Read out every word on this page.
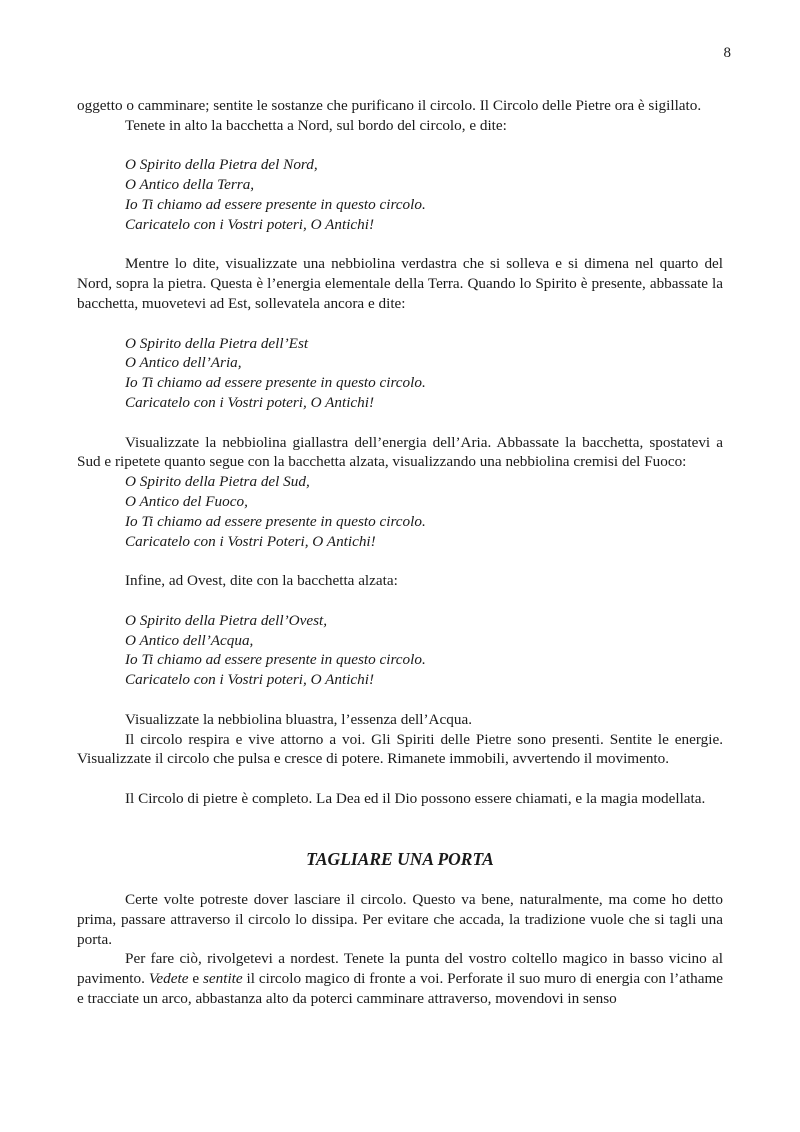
8

oggetto o camminare; sentite le sostanze che purificano il circolo. Il Circolo delle Pietre ora è sigillato.

Tenete in alto la bacchetta a Nord, sul bordo del circolo, e dite:

O Spirito della Pietra del Nord,
O Antico della Terra,
Io Ti chiamo ad essere presente in questo circolo.
Caricatelo con i Vostri poteri, O Antichi!

Mentre lo dite, visualizzate una nebbiolina verdastra che si solleva e si dimena nel quarto del Nord, sopra la pietra. Questa è l’energia elementale della Terra. Quando lo Spirito è presente, abbassate la bacchetta, muovetevi ad Est, sollevatela ancora e dite:

O Spirito della Pietra dell’Est
O Antico dell’Aria,
Io Ti chiamo ad essere presente in questo circolo.
Caricatelo con i Vostri poteri, O Antichi!

Visualizzate la nebbiolina giallastra dell’energia dell’Aria. Abbassate la bacchetta, spostatevi a Sud e ripetete quanto segue con la bacchetta alzata, visualizzando una nebbiolina cremisi del Fuoco:

O Spirito della Pietra del Sud,
O Antico del Fuoco,
Io Ti chiamo ad essere presente in questo circolo.
Caricatelo con i Vostri Poteri, O Antichi!

Infine, ad Ovest, dite con la bacchetta alzata:

O Spirito della Pietra dell’Ovest,
O Antico dell’Acqua,
Io Ti chiamo ad essere presente in questo circolo.
Caricatelo con i Vostri poteri, O Antichi!

Visualizzate la nebbiolina bluastra, l’essenza dell’Acqua.

Il circolo respira e vive attorno a voi. Gli Spiriti delle Pietre sono presenti. Sentite le energie. Visualizzate il circolo che pulsa e cresce di potere. Rimanete immobili, avvertendo il movimento.

Il Circolo di pietre è completo. La Dea ed il Dio possono essere chiamati, e la magia modellata.

TAGLIARE UNA PORTA

Certe volte potreste dover lasciare il circolo. Questo va bene, naturalmente, ma come ho detto prima, passare attraverso il circolo lo dissipa. Per evitare che accada, la tradizione vuole che si tagli una porta.

Per fare ciò, rivolgetevi a nordest. Tenete la punta del vostro coltello magico in basso vicino al pavimento. Vedete e sentite il circolo magico di fronte a voi. Perforate il suo muro di energia con l’athame e tracciate un arco, abbastanza alto da poterci camminare attraverso, movendovi in senso
